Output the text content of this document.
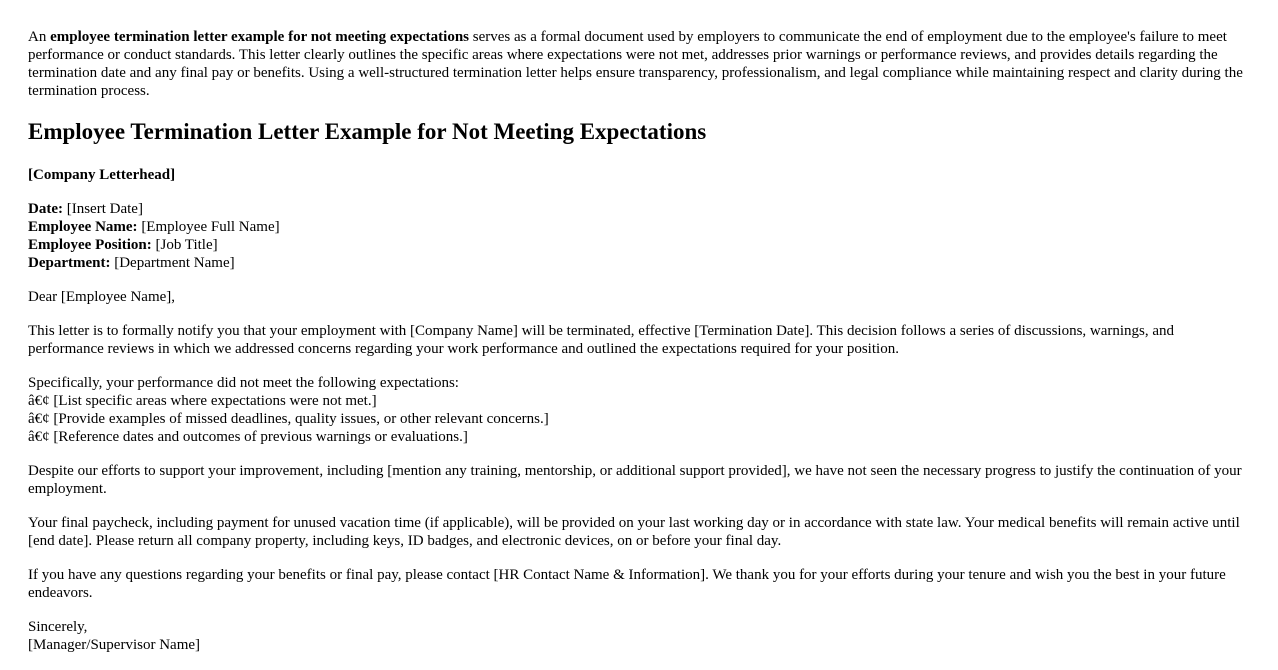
An employee termination letter example for not meeting expectations serves as a formal document used by employers to communicate the end of employment due to the employee's failure to meet performance or conduct standards. This letter clearly outlines the specific areas where expectations were not met, addresses prior warnings or performance reviews, and provides details regarding the termination date and any final pay or benefits. Using a well-structured termination letter helps ensure transparency, professionalism, and legal compliance while maintaining respect and clarity during the termination process.

Employee Termination Letter Example for Not Meeting Expectations

[Company Letterhead]

Date: [Insert Date]
Employee Name: [Employee Full Name]
Employee Position: [Job Title]
Department: [Department Name]

Dear [Employee Name],

This letter is to formally notify you that your employment with [Company Name] will be terminated, effective [Termination Date]. This decision follows a series of discussions, warnings, and performance reviews in which we addressed concerns regarding your work performance and outlined the expectations required for your position.

Specifically, your performance did not meet the following expectations:
â€¢ [List specific areas where expectations were not met.]
â€¢ [Provide examples of missed deadlines, quality issues, or other relevant concerns.]
â€¢ [Reference dates and outcomes of previous warnings or evaluations.]

Despite our efforts to support your improvement, including [mention any training, mentorship, or additional support provided], we have not seen the necessary progress to justify the continuation of your employment.

Your final paycheck, including payment for unused vacation time (if applicable), will be provided on your last working day or in accordance with state law. Your medical benefits will remain active until [end date]. Please return all company property, including keys, ID badges, and electronic devices, on or before your final day.

If you have any questions regarding your benefits or final pay, please contact [HR Contact Name & Information]. We thank you for your efforts during your tenure and wish you the best in your future endeavors.

Sincerely,
[Manager/Supervisor Name]
